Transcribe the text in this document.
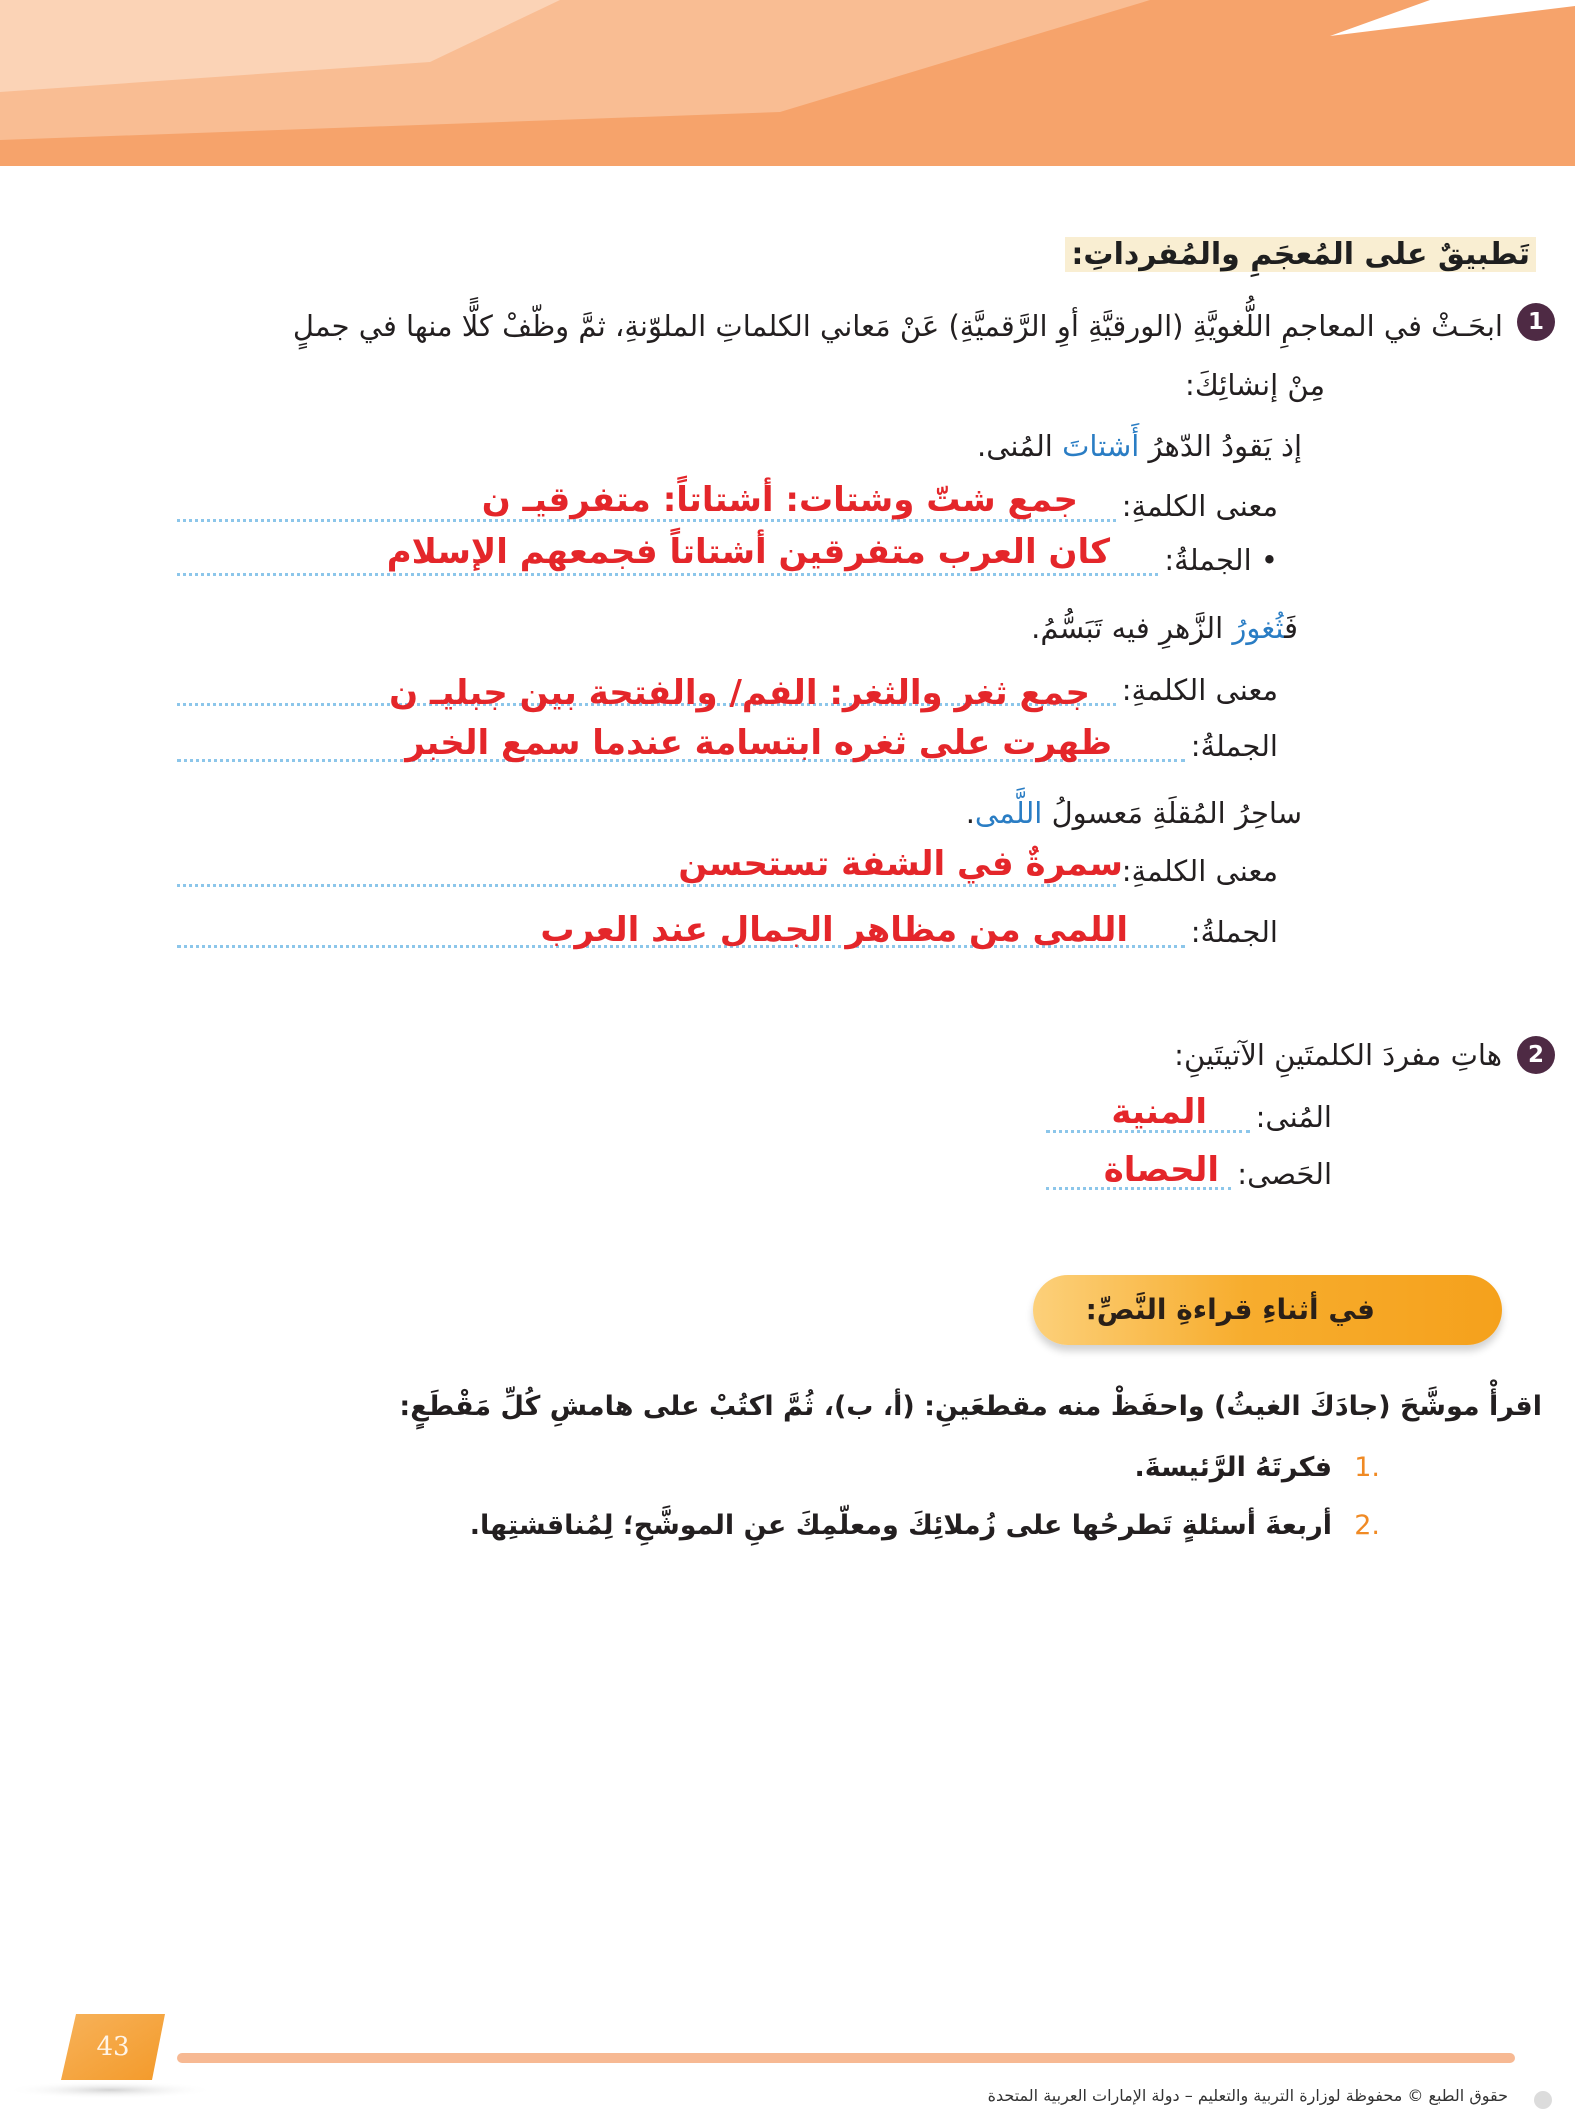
تَطبيقٌ على المُعجَمِ والمُفرداتِ:
1
ابحَـثْ في المعاجمِ اللُّغويَّةِ (الورقيَّةِ أوِ الرَّقميَّةِ) عَنْ مَعاني الكلماتِ الملوّنةِ، ثمَّ وظّفْ كلًّا منها في جملٍ
مِنْ إنشائِكَ:
إذ يَقودُ الدّهرُ أَشتاتَ المُنى.
معنى الكلمةِ:
جمع شتّ وشتات: أشتاتاً: متفرقيـ ن
• الجملةُ:
كان العرب متفرقين أشتاتاً فجمعهم الإسلام
فَثُغورُ الزَّهرِ فيه تَبَسُّمُ.
معنى الكلمةِ:
جمع ثغر والثغر: الفم/ والفتحة بين جبليـ ن
الجملةُ:
ظهرت على ثغره ابتسامة عندما سمع الخبر
ساحِرُ المُقلَةِ مَعسولُ اللَّمى.
معنى الكلمةِ:
سمرةٌ في الشفة تستحسن
الجملةُ:
اللمى من مظاهر الجمال عند العرب
2
هاتِ مفردَ الكلمتَينِ الآتيتَينِ:
المُنى:
المنية
الحَصى:
الحصاة
في أثناءِ قراءةِ النَّصِّ:
اقرأْ موشَّحَ (جادَكَ الغيثُ) واحفَظْ منه مقطعَينِ: (أ، ب)، ثُمَّ اكتُبْ على هامشِ كُلِّ مَقْطَعٍ:
1.
فكرتَهُ الرَّئيسةَ.
2.
أربعةَ أسئلةٍ تَطرحُها على زُملائِكَ ومعلّمِكَ عنِ الموشَّحِ؛ لِمُناقشتِها.
43
حقوق الطبع © محفوظة لوزارة التربية والتعليم – دولة الإمارات العربية المتحدة
